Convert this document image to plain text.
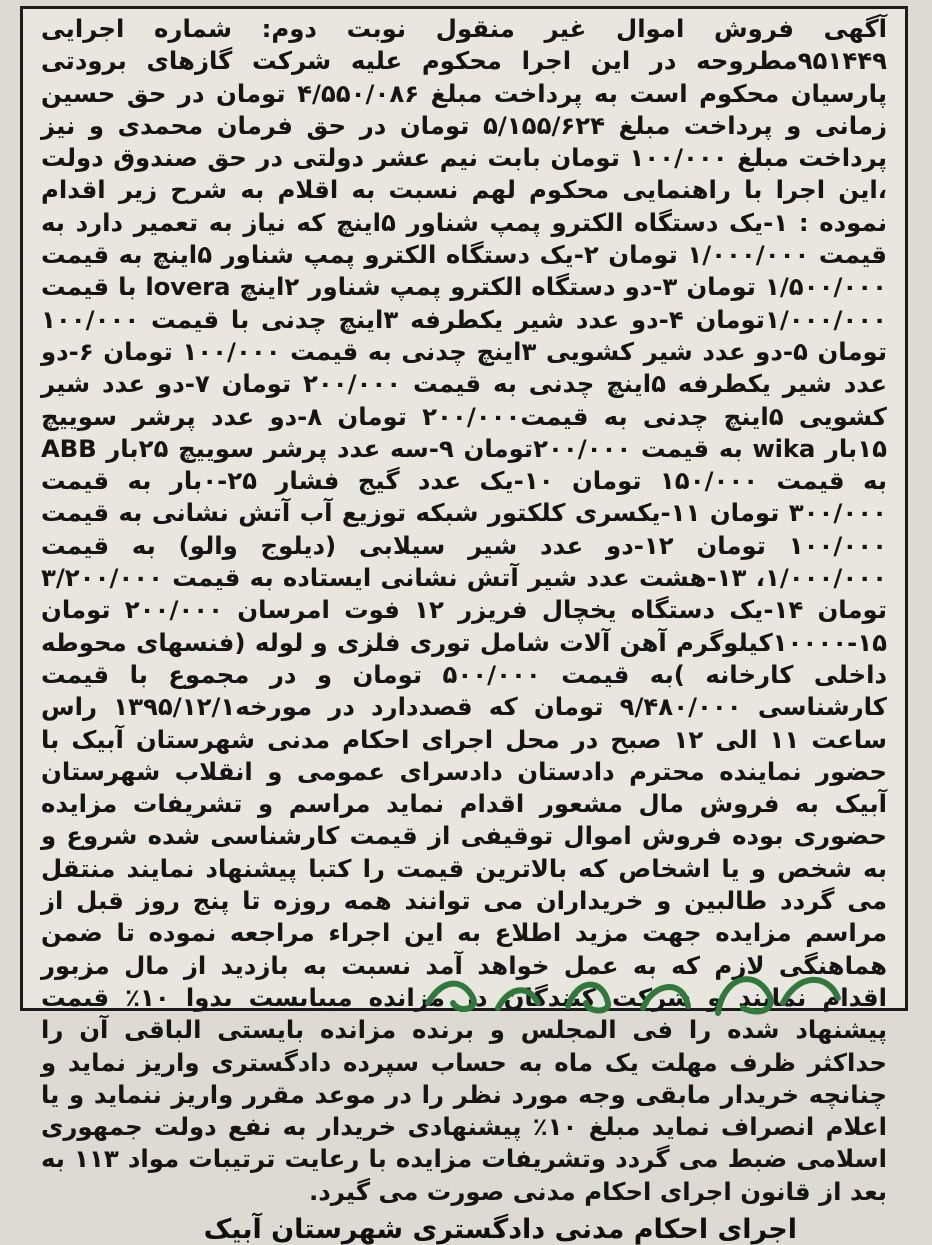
آگهی فروش اموال غیر منقول نوبت دوم: شماره اجرایی ۹۵۱۴۴۹مطروحه در این اجرا محکوم علیه شرکت گازهای برودتی پارسیان محکوم است به پرداخت مبلغ ۴/۵۵۰/۰۸۶ تومان در حق حسین زمانی و پرداخت مبلغ ۵/۱۵۵/۶۲۴ تومان در حق فرمان محمدی و نیز پرداخت مبلغ ۱۰۰/۰۰۰ تومان بابت نیم عشر دولتی در حق صندوق دولت ،این اجرا با راهنمایی محکوم لهم نسبت به اقلام به شرح زیر اقدام نموده : ۱-یک دستگاه الکترو پمپ شناور ۵اینچ که نیاز به تعمیر دارد به قیمت ۱/۰۰۰/۰۰۰ تومان ۲-یک دستگاه الکترو پمپ شناور ۵اینچ به قیمت ۱/۵۰۰/۰۰۰ تومان ۳-دو دستگاه الکترو پمپ شناور ۲اینچ lovera با قیمت ۱/۰۰۰/۰۰۰تومان ۴-دو عدد شیر یکطرفه ۳اینچ چدنی با قیمت ۱۰۰/۰۰۰ تومان ۵-دو عدد شیر کشویی ۳اینچ چدنی به قیمت ۱۰۰/۰۰۰ تومان ۶-دو عدد شیر یکطرفه ۵اینچ چدنی به قیمت ۲۰۰/۰۰۰ تومان ۷-دو عدد شیر کشویی ۵اینچ چدنی به قیمت۲۰۰/۰۰۰ تومان ۸-دو عدد پرشر سوییچ ۱۵بار wika به قیمت ۲۰۰/۰۰۰تومان ۹-سه عدد پرشر سوییچ ۲۵بار ABB به قیمت ۱۵۰/۰۰۰ تومان ۱۰-یک عدد گیج فشار ۲۵-۰بار به قیمت ۳۰۰/۰۰۰ تومان ۱۱-یکسری کلکتور شبکه توزیع آب آتش نشانی به قیمت ۱۰۰/۰۰۰ تومان ۱۲-دو عدد شیر سیلابی (دیلوج والو) به قیمت ۱/۰۰۰/۰۰۰، ۱۳-هشت عدد شیر آتش نشانی ایستاده به قیمت ۳/۲۰۰/۰۰۰ تومان ۱۴-یک دستگاه یخچال فریزر ۱۲ فوت امرسان ۲۰۰/۰۰۰ تومان ۱۵-۱۰۰۰۰کیلوگرم آهن آلات شامل توری فلزی و لوله (فنسهای محوطه داخلی کارخانه )به قیمت ۵۰۰/۰۰۰ تومان و در مجموع با قیمت کارشناسی ۹/۴۸۰/۰۰۰ تومان که قصددارد در مورخه۱۳۹۵/۱۲/۱ راس ساعت ۱۱ الی ۱۲ صبح در محل اجرای احکام مدنی شهرستان آبیک با حضور نماینده محترم دادستان دادسرای عمومی و انقلاب شهرستان آبیک به فروش مال مشعور اقدام نماید مراسم و تشریفات مزایده حضوری بوده فروش اموال توقیفی از قیمت کارشناسی شده شروع و به شخص و یا اشخاص که بالاترین قیمت را کتبا پیشنهاد نمایند منتقل می گردد طالبین و خریداران می توانند همه روزه تا پنج روز قبل از مراسم مزایده جهت مزید اطلاع به این اجراء مراجعه نموده تا ضمن هماهنگی لازم که به عمل خواهد آمد نسبت به بازدید از مال مزبور اقدام نمایند و شرکت کنندگان در مزانده میبایست بدوا ۱۰٪ قیمت پیشنهاد شده را فی المجلس و برنده مزانده بایستی الباقی آن را حداکثر ظرف مهلت یک ماه به حساب سپرده دادگستری واریز نماید و چنانچه خریدار مابقی وجه مورد نظر را در موعد مقرر واریز ننماید و یا اعلام انصراف نماید مبلغ ۱۰٪ پیشنهادی خریدار به نفع دولت جمهوری اسلامی ضبط می گردد وتشریفات مزایده با رعایت ترتیبات مواد ۱۱۳ به بعد از قانون اجرای احکام مدنی صورت می گیرد.

اجرای احکام مدنی دادگستری شهرستان آبیک
